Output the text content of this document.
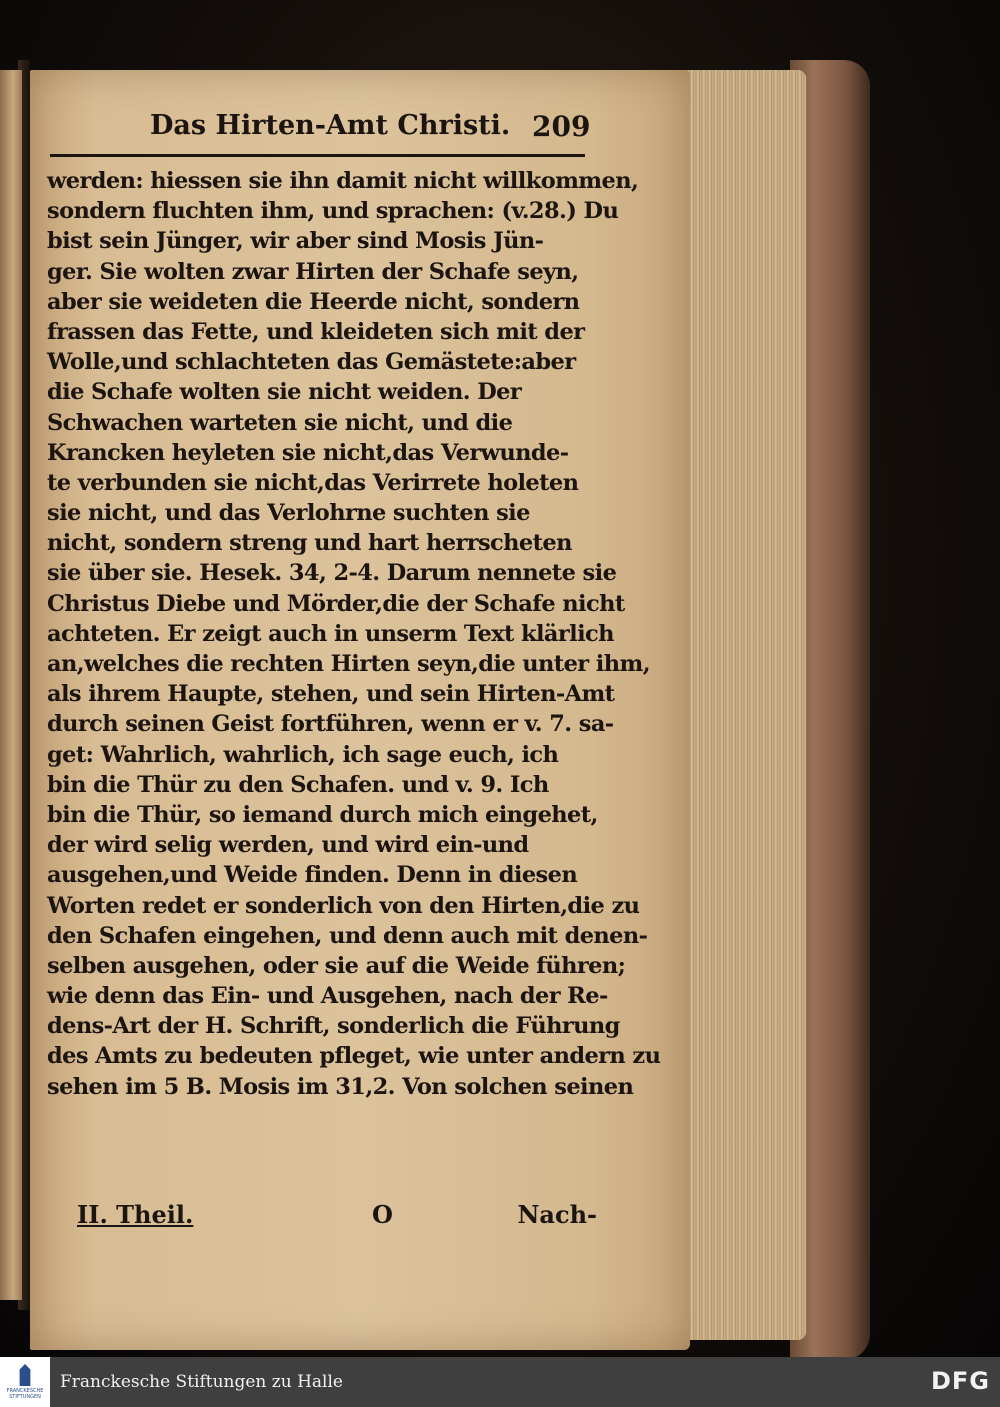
Das Hirten-Amt Christi. 209
werden: hiessen sie ihn damit nicht willkommen,
sondern fluchten ihm, und sprachen: (v.28.) Du
bist sein Jünger, wir aber sind Mosis Jün-
ger. Sie wolten zwar Hirten der Schafe seyn,
aber sie weideten die Heerde nicht, sondern
frassen das Fette, und kleideten sich mit der
Wolle,und schlachteten das Gemästete:aber
die Schafe wolten sie nicht weiden. Der
Schwachen warteten sie nicht, und die
Krancken heyleten sie nicht,das Verwunde-
te verbunden sie nicht,das Verirrete holeten
sie nicht, und das Verlohrne suchten sie
nicht, sondern streng und hart herrscheten
sie über sie. Hesek. 34, 2-4. Darum nennete sie
Christus Diebe und Mörder,die der Schafe nicht
achteten. Er zeigt auch in unserm Text klärlich
an,welches die rechten Hirten seyn,die unter ihm,
als ihrem Haupte, stehen, und sein Hirten-Amt
durch seinen Geist fortführen, wenn er v. 7. sa-
get: Wahrlich, wahrlich, ich sage euch, ich
bin die Thür zu den Schafen. und v. 9. Ich
bin die Thür, so iemand durch mich eingehet,
der wird selig werden, und wird ein-und
ausgehen,und Weide finden. Denn in diesen
Worten redet er sonderlich von den Hirten,die zu
den Schafen eingehen, und denn auch mit denen-
selben ausgehen, oder sie auf die Weide führen;
wie denn das Ein- und Ausgehen, nach der Re-
dens-Art der H. Schrift, sonderlich die Führung
des Amts zu bedeuten pfleget, wie unter andern zu
sehen im 5 B. Mosis im 31,2. Von solchen seinen
II. Theil.	O	Nach-
FRANCKESCHE
STIFTUNGEN
Franckesche Stiftungen zu Halle	DFG
